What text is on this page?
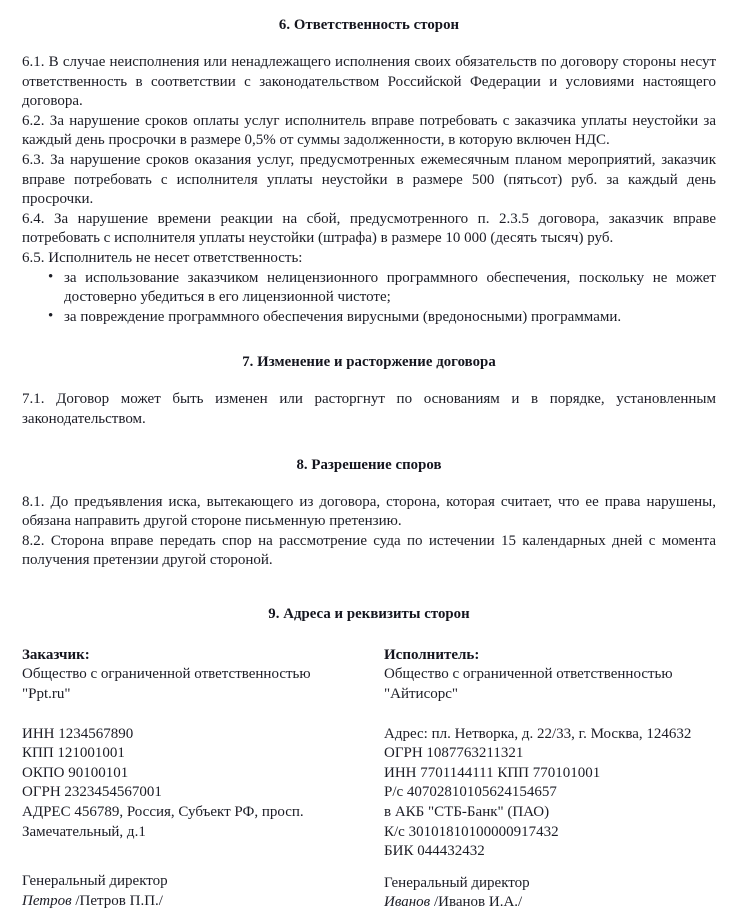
6. Ответственность сторон

6.1. В случае неисполнения или ненадлежащего исполнения своих обязательств по договору стороны несут ответственность в соответствии с законодательством Российской Федерации и условиями настоящего договора.

6.2. За нарушение сроков оплаты услуг исполнитель вправе потребовать с заказчика уплаты неустойки за каждый день просрочки в размере 0,5% от суммы задолженности, в которую включен НДС.

6.3. За нарушение сроков оказания услуг, предусмотренных ежемесячным планом мероприятий, заказчик вправе потребовать с исполнителя уплаты неустойки в размере 500 (пятьсот) руб. за каждый день просрочки.

6.4. За нарушение времени реакции на сбой, предусмотренного п. 2.3.5 договора, заказчик вправе потребовать с исполнителя уплаты неустойки (штрафа) в размере 10 000 (десять тысяч) руб.

6.5. Исполнитель не несет ответственность:

• за использование заказчиком нелицензионного программного обеспечения, поскольку не может достоверно убедиться в его лицензионной чистоте;
• за повреждение программного обеспечения вирусными (вредоносными) программами.
7. Изменение и расторжение договора

7.1. Договор может быть изменен или расторгнут по основаниям и в порядке, установленным законодательством.

8. Разрешение споров

8.1. До предъявления иска, вытекающего из договора, сторона, которая считает, что ее права нарушены, обязана направить другой стороне письменную претензию.

8.2. Сторона вправе передать спор на рассмотрение суда по истечении 15 календарных дней с момента получения претензии другой стороной.

9. Адреса и реквизиты сторон
Заказчик:
Общество с ограниченной ответственностью
"Ppt.ru"
ИНН 1234567890
КПП 121001001
ОКПО 90100101
ОГРН 2323454567001
АДРЕС 456789, Россия, Субъект РФ, просп.
Замечательный, д.1
Генеральный директор
Петров /Петров П.П./
Исполнитель:
Общество с ограниченной ответственностью
"Айтисорс"
Адрес: пл. Нетворка, д. 22/33, г. Москва, 124632
ОГРН 1087763211321
ИНН 7701144111 КПП 770101001
Р/с 40702810105624154657
в АКБ "СТБ-Банк" (ПАО)
К/с 30101810100000917432
БИК 044432432
Генеральный директор
Иванов /Иванов И.А./
